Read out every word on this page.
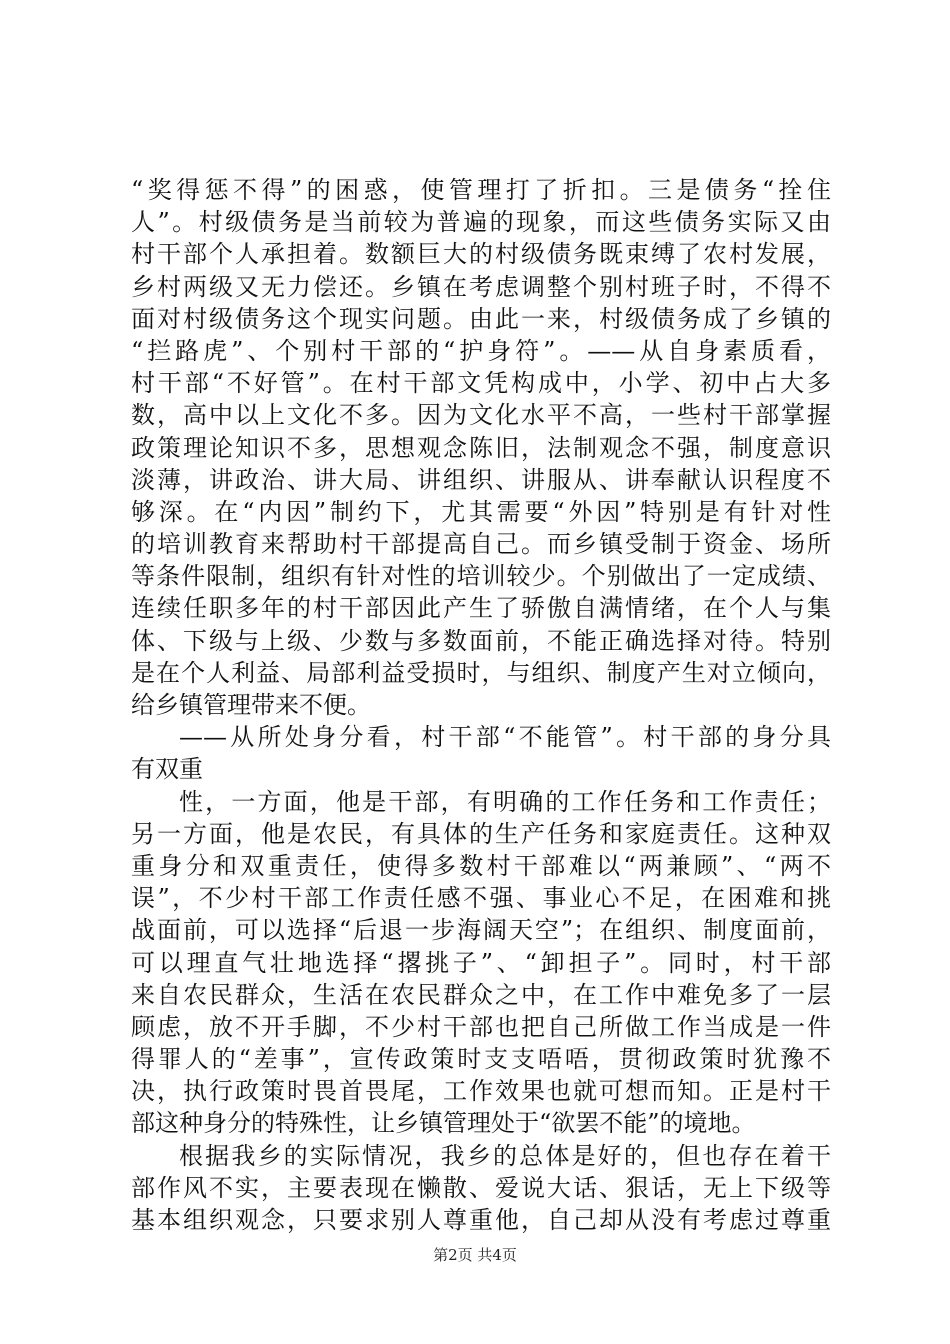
“奖得惩不得”的困惑，使管理打了折扣。三是债务“拴住
人”。村级债务是当前较为普遍的现象，而这些债务实际又由
村干部个人承担着。数额巨大的村级债务既束缚了农村发展，
乡村两级又无力偿还。乡镇在考虑调整个别村班子时，不得不
面对村级债务这个现实问题。由此一来，村级债务成了乡镇的
“拦路虎”、个别村干部的“护身符”。——从自身素质看，
村干部“不好管”。在村干部文凭构成中，小学、初中占大多
数，高中以上文化不多。因为文化水平不高，一些村干部掌握
政策理论知识不多，思想观念陈旧，法制观念不强，制度意识
淡薄，讲政治、讲大局、讲组织、讲服从、讲奉献认识程度不
够深。在“内因”制约下，尤其需要“外因”特别是有针对性
的培训教育来帮助村干部提高自己。而乡镇受制于资金、场所
等条件限制，组织有针对性的培训较少。个别做出了一定成绩、
连续任职多年的村干部因此产生了骄傲自满情绪，在个人与集
体、下级与上级、少数与多数面前，不能正确选择对待。特别
是在个人利益、局部利益受损时，与组织、制度产生对立倾向，
给乡镇管理带来不便。
——从所处身分看，村干部“不能管”。村干部的身分具
有双重
性，一方面，他是干部，有明确的工作任务和工作责任；
另一方面，他是农民，有具体的生产任务和家庭责任。这种双
重身分和双重责任，使得多数村干部难以“两兼顾”、“两不
误”，不少村干部工作责任感不强、事业心不足，在困难和挑
战面前，可以选择“后退一步海阔天空”；在组织、制度面前，
可以理直气壮地选择“撂挑子”、“卸担子”。同时，村干部
来自农民群众，生活在农民群众之中，在工作中难免多了一层
顾虑，放不开手脚，不少村干部也把自己所做工作当成是一件
得罪人的“差事”，宣传政策时支支唔唔，贯彻政策时犹豫不
决，执行政策时畏首畏尾，工作效果也就可想而知。正是村干
部这种身分的特殊性，让乡镇管理处于“欲罢不能”的境地。
根据我乡的实际情况，我乡的总体是好的，但也存在着干
部作风不实，主要表现在懒散、爱说大话、狠话，无上下级等
基本组织观念，只要求别人尊重他，自己却从没有考虑过尊重
第2页 共4页
